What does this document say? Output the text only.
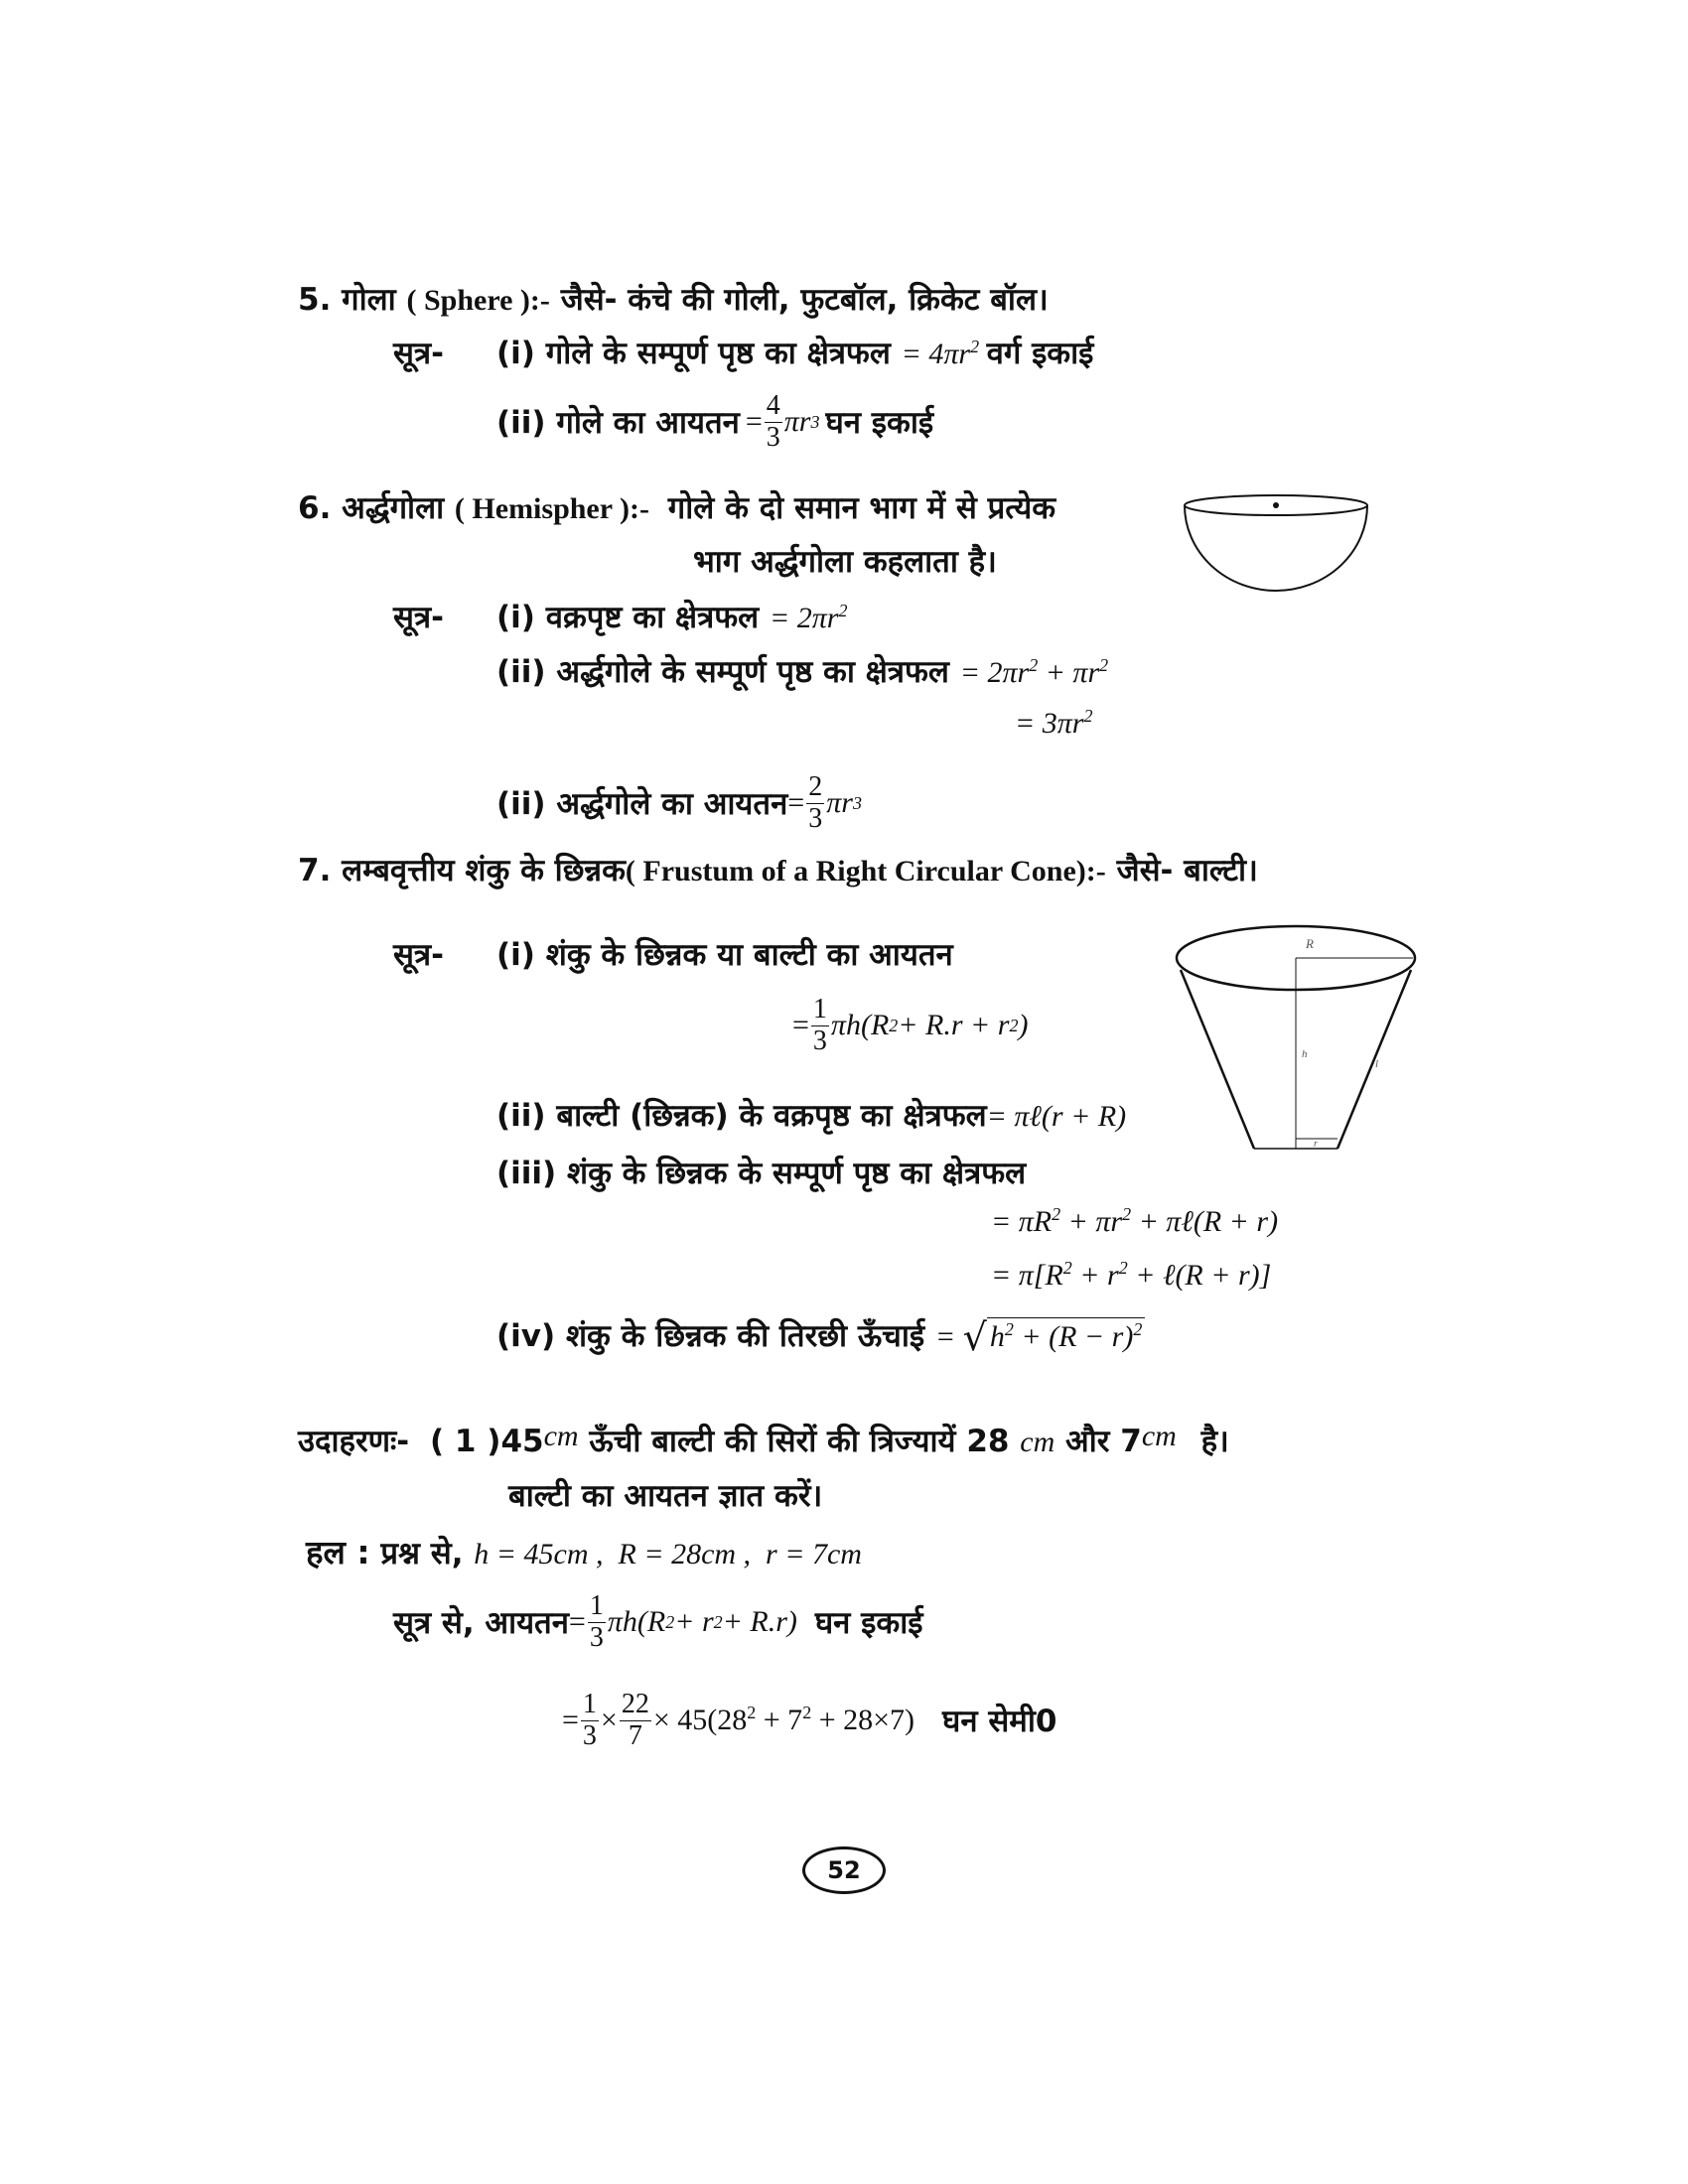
5. गोला ( Sphere ):- जैसे- कंचे की गोली, फुटबॉल, क्रिकेट बॉल।
सूत्र- (i) गोले के सम्पूर्ण पृष्ठ का क्षेत्रफल = $4\pi r^2$ वर्ग इकाई
(ii) गोले का आयतन = $\frac{4}{3}$ πr 3 घन इकाई
6. अर्द्धगोला ( Hemispher ):- गोले के दो समान भाग में से प्रत्येक
भाग अर्द्धगोला कहलाता है।
सूत्र- (i) वक्रपृष्ट का क्षेत्रफल = $2\pi r^2$
(ii) अर्द्धगोले के सम्पूर्ण पृष्ठ का क्षेत्रफल = $2\pi r^2 + \pi r^2$
= $3\pi r^2$
(ii) अर्द्धगोले का आयतन = $\frac{2}{3}$ πr 3
7. लम्बवृत्तीय शंकु के छिन्नक( Frustum of a Right Circular Cone):- जैसे- बाल्टी।
सूत्र- (i) शंकु के छिन्नक या बाल्टी का आयतन
= $\frac{1}{3} \pi h(R$ 2 + R.r + r 2 )
(ii) बाल्टी (छिन्नक) के वक्रपृष्ठ का क्षेत्रफल= πℓ(r + R)
(iii) शंकु के छिन्नक के सम्पूर्ण पृष्ठ का क्षेत्रफल
= $\pi R^2 + \pi r^2$ + πℓ(R + r)
= $\pi[R^2 + r^2$ + ℓ(R + r)]
(iv) शंकु के छिन्नक की तिरछी ऊँचाई = √ $h^2 + (R - r)^2$
R
h
l
r
उदाहरणः- ( 1 )45cm ऊँची बाल्टी की सिरों की त्रिज्यायें 28 cm और 7cm है।
बाल्टी का आयतन ज्ञात करें।
हल : प्रश्न से, h = 45cm ,  R = 28cm ,  r = 7cm
सूत्र से, आयतन = $\frac{1}{3} \pi h(R$ 2 + r 2 + R.r) घन इकाई
= $\frac{1}{3} \times \frac{22}{7} \times 45(28^2 + 7^2 + 28\times 7)$ घन सेमी0
52
